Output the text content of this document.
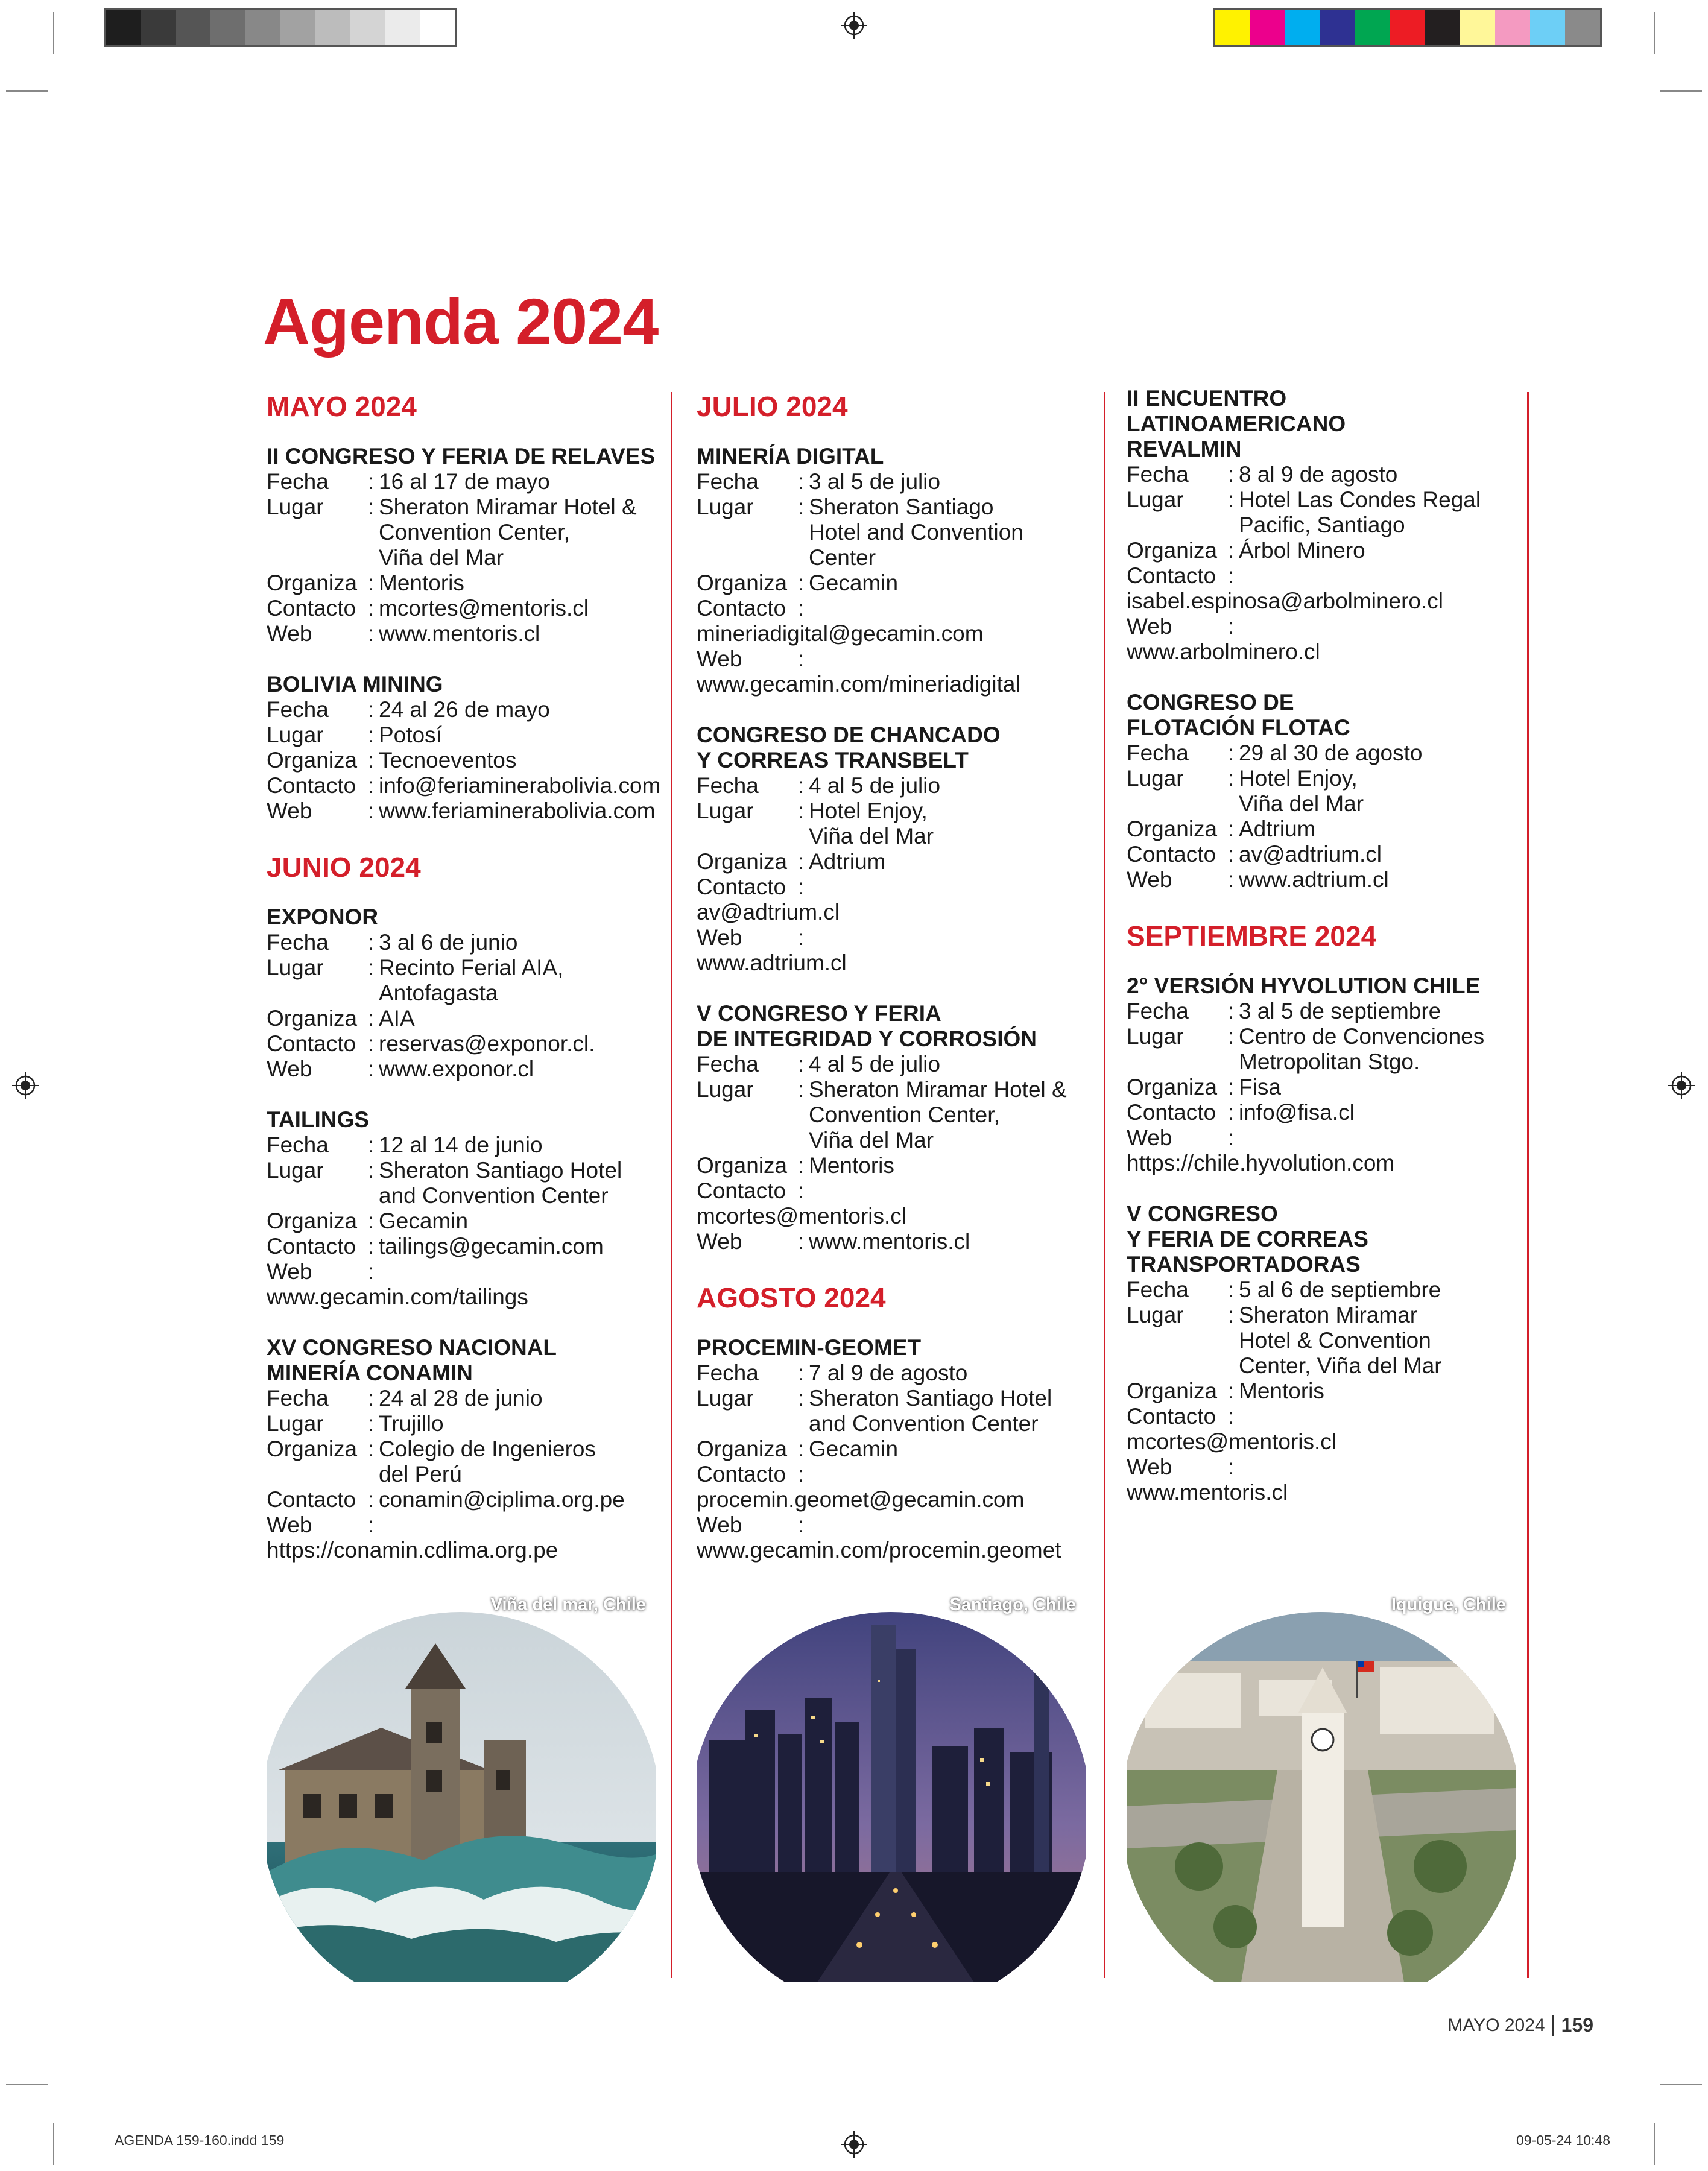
Agenda 2024
MAYO 2024
II CONGRESO Y FERIA DE RELAVES
Fecha	: 16 al 17 de mayo
Lugar	: Sheraton Miramar Hotel &
Convention Center,
Viña del Mar
Organiza : Mentoris
Contacto : mcortes@mentoris.cl
Web	: www.mentoris.cl
BOLIVIA MINING
Fecha	: 24 al 26 de mayo
Lugar	: Potosí
Organiza : Tecnoeventos
Contacto : info@feriaminerabolivia.com
Web	: www.feriaminerabolivia.com
JUNIO 2024
EXPONOR
Fecha	: 3 al 6 de junio
Lugar	: Recinto Ferial AIA,
Antofagasta
Organiza : AIA
Contacto : reservas@exponor.cl.
Web	: www.exponor.cl
TAILINGS
Fecha	: 12 al 14 de junio
Lugar	: Sheraton Santiago Hotel
and Convention Center
Organiza : Gecamin
Contacto : tailings@gecamin.com
Web	:
www.gecamin.com/tailings
XV CONGRESO NACIONAL
MINERÍA CONAMIN
Fecha	: 24 al 28 de junio
Lugar	: Trujillo
Organiza : Colegio de Ingenieros
del Perú
Contacto : conamin@ciplima.org.pe
Web	:
https://conamin.cdlima.org.pe
JULIO 2024
MINERÍA DIGITAL
Fecha	: 3 al 5 de julio
Lugar	: Sheraton Santiago
Hotel and Convention
Center
Organiza : Gecamin
Contacto :
mineriadigital@gecamin.com
Web	:
www.gecamin.com/mineriadigital
CONGRESO DE CHANCADO
Y CORREAS TRANSBELT
Fecha	: 4 al 5 de julio
Lugar	: Hotel Enjoy,
Viña del Mar
Organiza : Adtrium
Contacto :
av@adtrium.cl
Web	:
www.adtrium.cl
V CONGRESO Y FERIA
DE INTEGRIDAD Y CORROSIÓN
Fecha	: 4 al 5 de julio
Lugar	: Sheraton Miramar Hotel &
Convention Center,
Viña del Mar
Organiza : Mentoris
Contacto :
mcortes@mentoris.cl
Web	: www.mentoris.cl
AGOSTO 2024
PROCEMIN-GEOMET
Fecha	: 7 al 9 de agosto
Lugar	: Sheraton Santiago Hotel
and Convention Center
Organiza : Gecamin
Contacto :
procemin.geomet@gecamin.com
Web	:
www.gecamin.com/procemin.geomet
II ENCUENTRO
LATINOAMERICANO
REVALMIN
Fecha	: 8 al 9 de agosto
Lugar	: Hotel Las Condes Regal
Pacific, Santiago
Organiza : Árbol Minero
Contacto :
isabel.espinosa@arbolminero.cl
Web	:
www.arbolminero.cl
CONGRESO DE
FLOTACIÓN FLOTAC
Fecha	: 29 al 30 de agosto
Lugar	: Hotel Enjoy,
Viña del Mar
Organiza : Adtrium
Contacto : av@adtrium.cl
Web	: www.adtrium.cl
SEPTIEMBRE 2024
2° VERSIÓN HYVOLUTION CHILE
Fecha	: 3 al 5 de septiembre
Lugar	: Centro de Convenciones
Metropolitan Stgo.
Organiza : Fisa
Contacto : info@fisa.cl
Web	:
https://chile.hyvolution.com
V CONGRESO
Y FERIA DE CORREAS
TRANSPORTADORAS
Fecha	: 5 al 6 de septiembre
Lugar	: Sheraton Miramar
Hotel & Convention
Center, Viña del Mar
Organiza : Mentoris
Contacto :
mcortes@mentoris.cl
Web	:
www.mentoris.cl
Viña del mar, Chile	Santiago, Chile	Iquigue, Chile
MAYO 2024 159
AGENDA 159-160.indd 159	09-05-24 10:48
